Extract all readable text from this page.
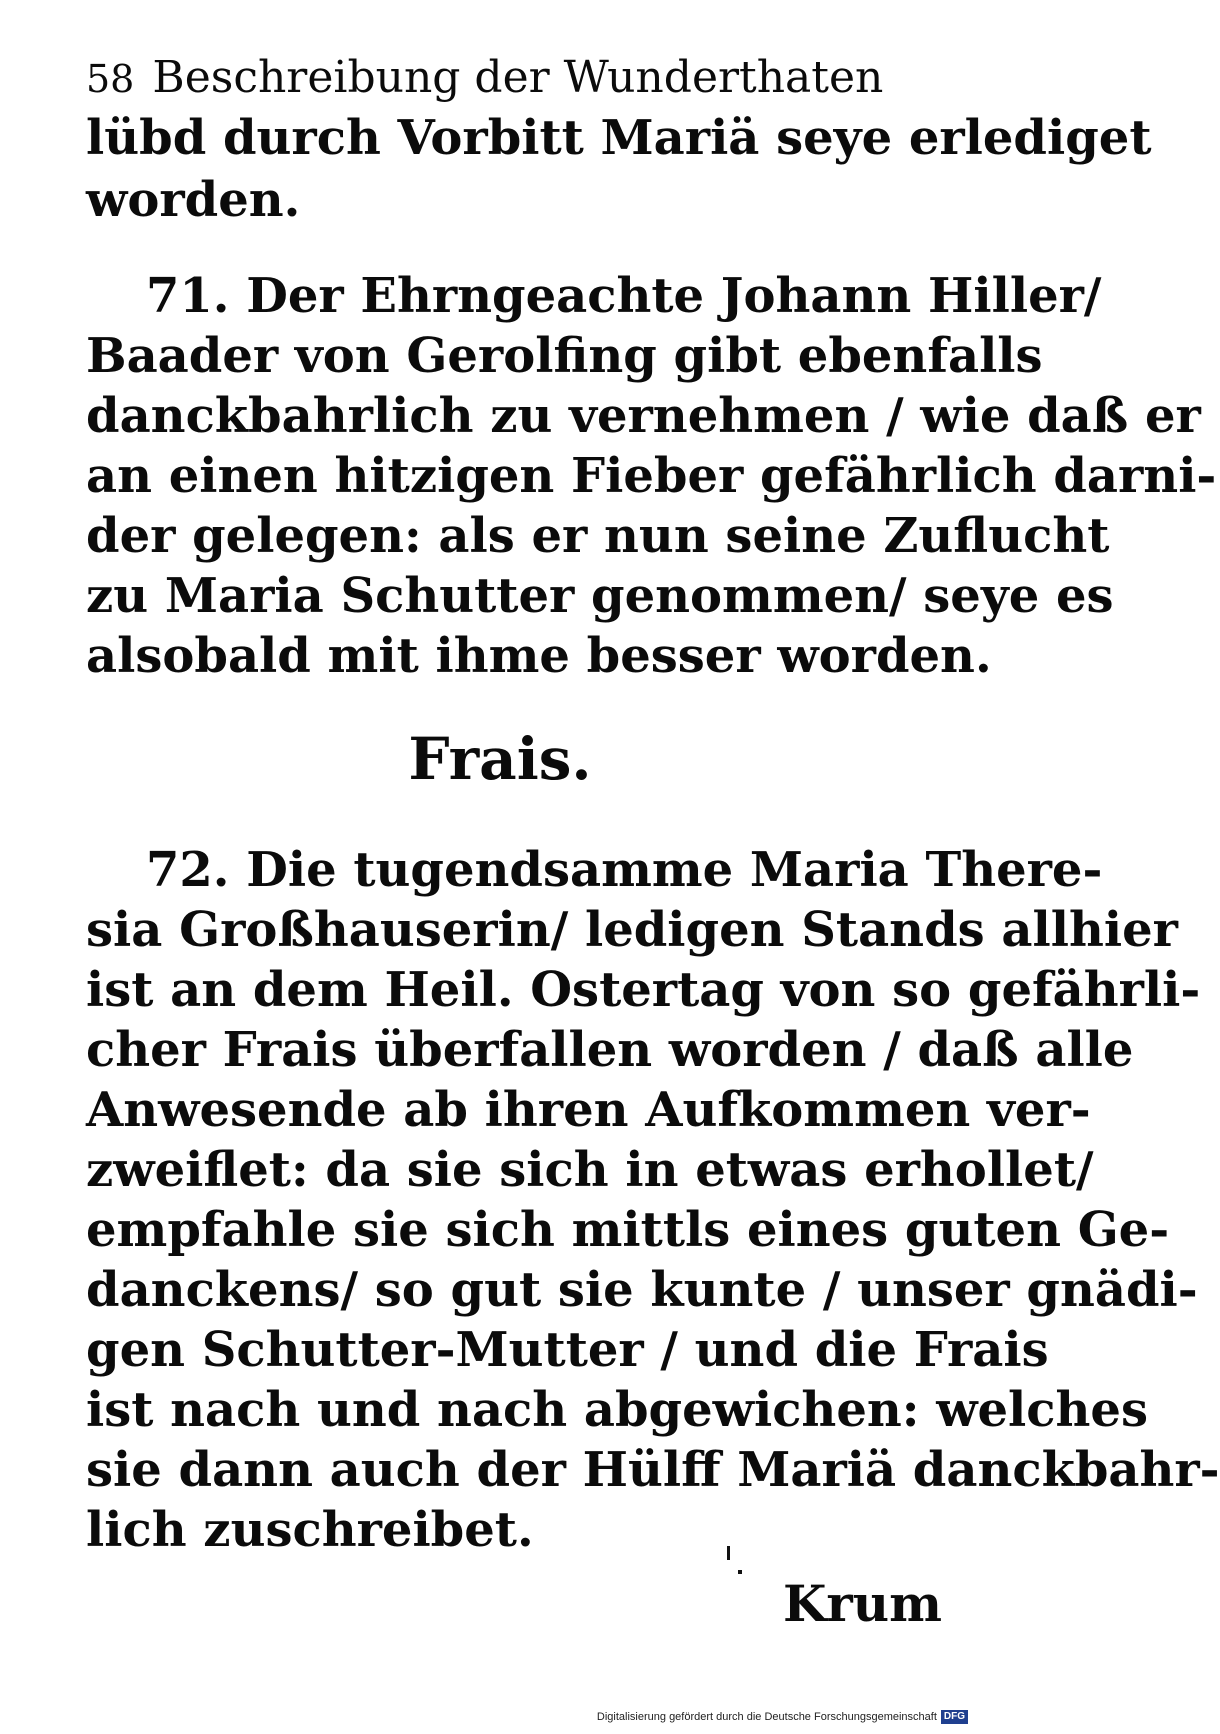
58 Beschreibung der Wunderthaten
lübd durch Vorbitt Mariä seye erlediget
worden.
71. Der Ehrngeachte Johann Hiller/
Baader von Gerolfing gibt ebenfalls
danckbahrlich zu vernehmen / wie daß er
an einen hitzigen Fieber gefährlich darni-
der gelegen: als er nun seine Zuflucht
zu Maria Schutter genommen/ seye es
alsobald mit ihme besser worden.
Frais.
72. Die tugendsamme Maria There-
sia Großhauserin/ ledigen Stands allhier
ist an dem Heil. Ostertag von so gefährli-
cher Frais überfallen worden / daß alle
Anwesende ab ihren Aufkommen ver-
zweiflet: da sie sich in etwas erhollet/
empfahle sie sich mittls eines guten Ge-
danckens/ so gut sie kunte / unser gnädi-
gen Schutter-Mutter / und die Frais
ist nach und nach abgewichen: welches
sie dann auch der Hülff Mariä danckbahr-
lich zuschreibet.
Krum
Digitalisierung gefördert durch die Deutsche Forschungsgemeinschaft DFG
